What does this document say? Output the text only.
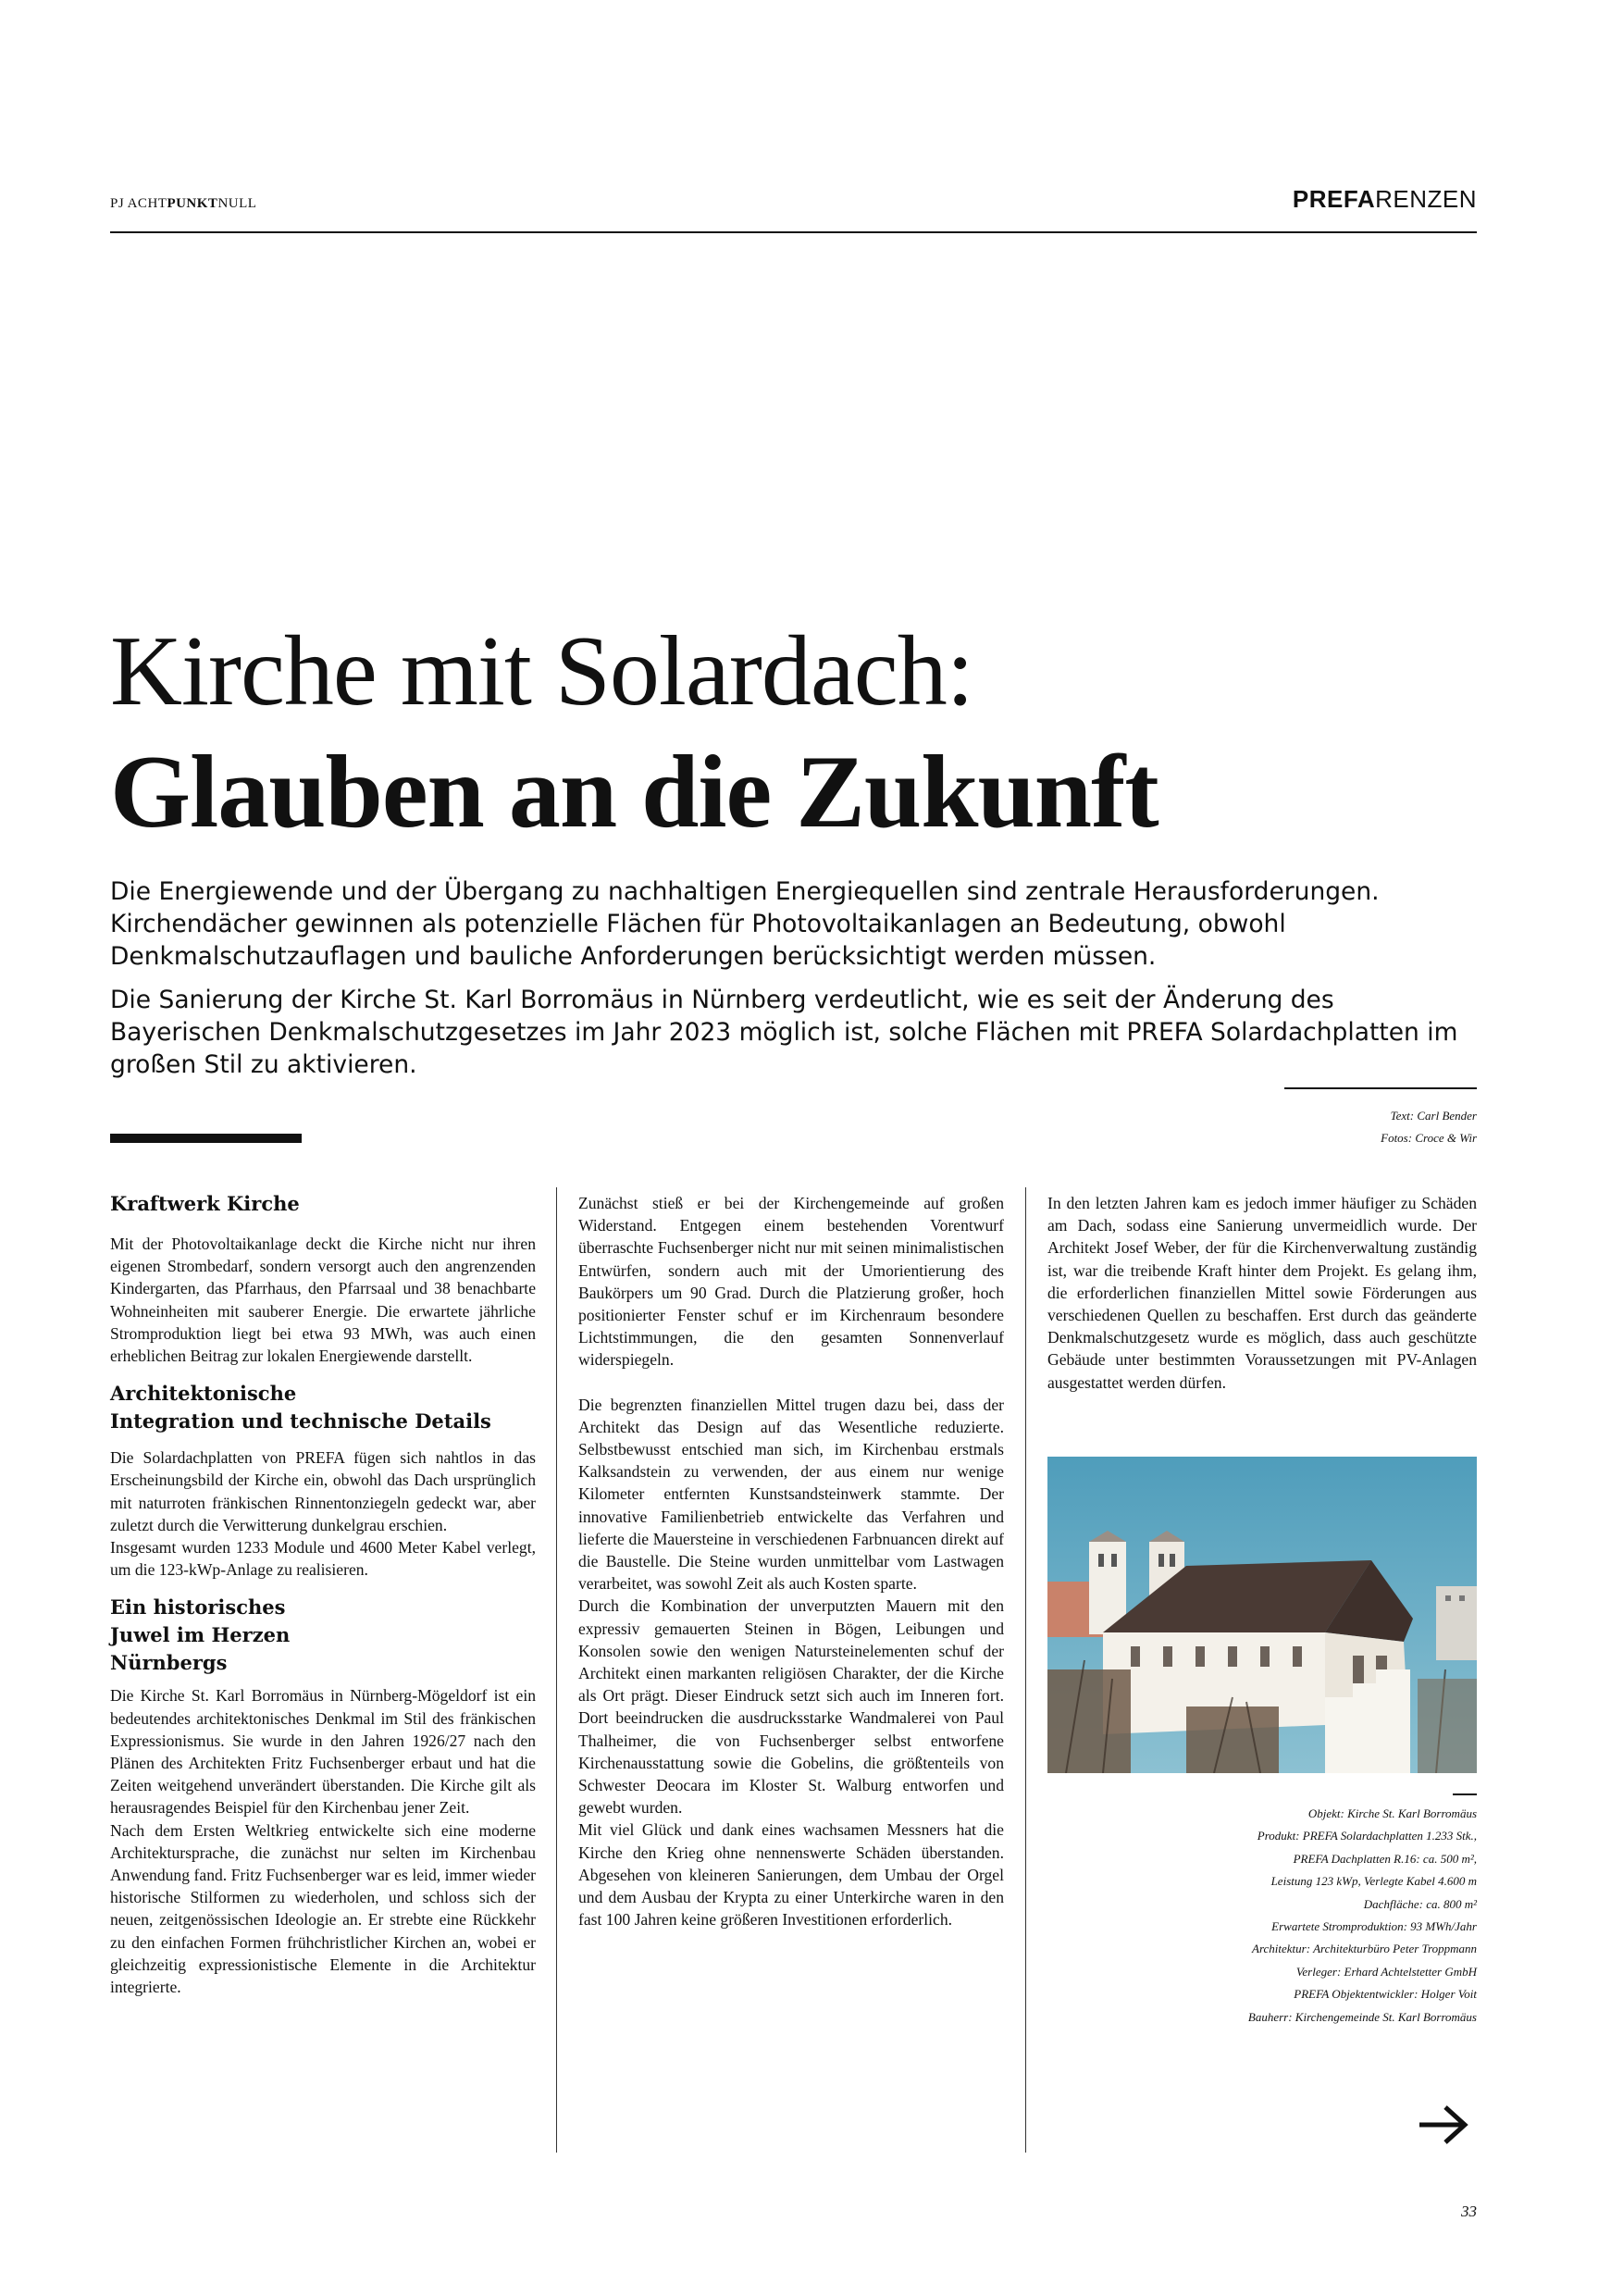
PJ ACHTPUNKTNULL	PREFARENZEN
Kirche mit Solardach:
Glauben an die Zukunft

Die Energiewende und der Übergang zu nachhaltigen Energiequellen sind zentrale Herausforderungen. Kirchendächer gewinnen als potenzielle Flächen für Photovoltaikanlagen an Bedeutung, obwohl Denkmalschutzauflagen und bauliche Anforderungen berücksichtigt werden müssen.

Die Sanierung der Kirche St. Karl Borromäus in Nürnberg verdeutlicht, wie es seit der Änderung des Bayerischen Denkmalschutzgesetzes im Jahr 2023 möglich ist, solche Flächen mit PREFA Solardachplatten im großen Stil zu aktivieren.

Text: Carl Bender
Fotos: Croce & Wir

Kraftwerk Kirche

Mit der Photovoltaikanlage deckt die Kirche nicht nur ihren eigenen Strombedarf, sondern versorgt auch den angrenzenden Kindergarten, das Pfarrhaus, den Pfarrsaal und 38 benachbarte Wohneinheiten mit sauberer Energie. Die erwartete jährliche Stromproduktion liegt bei etwa 93 MWh, was auch einen erheblichen Beitrag zur lokalen Energiewende darstellt.

Architektonische

Integration und technische Details

Die Solardachplatten von PREFA fügen sich nahtlos in das Erscheinungsbild der Kirche ein, obwohl das Dach ursprünglich mit naturroten fränkischen Rinnentonziegeln gedeckt war, aber zuletzt durch die Verwitterung dunkelgrau erschien.

Insgesamt wurden 1233 Module und 4600 Meter Kabel verlegt, um die 123-kWp-Anlage zu realisieren.

Ein historisches

Juwel im Herzen

Nürnbergs

Die Kirche St. Karl Borromäus in Nürnberg-Mögeldorf ist ein bedeutendes architektonisches Denkmal im Stil des fränkischen Expressionismus. Sie wurde in den Jahren 1926/27 nach den Plänen des Architekten Fritz Fuchsenberger erbaut und hat die Zeiten weitgehend unverändert überstanden. Die Kirche gilt als herausragendes Beispiel für den Kirchenbau jener Zeit.

Nach dem Ersten Weltkrieg entwickelte sich eine moderne Architektursprache, die zunächst nur selten im Kirchenbau Anwendung fand. Fritz Fuchsenberger war es leid, immer wieder historische Stilformen zu wiederholen, und schloss sich der neuen, zeitgenössischen Ideologie an. Er strebte eine Rückkehr zu den einfachen Formen frühchristlicher Kirchen an, wobei er gleichzeitig expressionistische Elemente in die Architektur integrierte.

Zunächst stieß er bei der Kirchengemeinde auf großen Widerstand. Entgegen einem bestehenden Vorentwurf überraschte Fuchsenberger nicht nur mit seinen minimalistischen Entwürfen, sondern auch mit der Umorientierung des Baukörpers um 90 Grad. Durch die Platzierung großer, hoch positionierter Fenster schuf er im Kirchenraum besondere Lichtstimmungen, die den gesamten Sonnenverlauf widerspiegeln.

Die begrenzten finanziellen Mittel trugen dazu bei, dass der Architekt das Design auf das Wesentliche reduzierte. Selbstbewusst entschied man sich, im Kirchenbau erstmals Kalksandstein zu verwenden, der aus einem nur wenige Kilometer entfernten Kunstsandsteinwerk stammte. Der innovative Familienbetrieb entwickelte das Verfahren und lieferte die Mauersteine in verschiedenen Farbnuancen direkt auf die Baustelle. Die Steine wurden unmittelbar vom Lastwagen verarbeitet, was sowohl Zeit als auch Kosten sparte.

Durch die Kombination der unverputzten Mauern mit den expressiv gemauerten Steinen in Bögen, Leibungen und Konsolen sowie den wenigen Natursteinelementen schuf der Architekt einen markanten religiösen Charakter, der die Kirche als Ort prägt. Dieser Eindruck setzt sich auch im Inneren fort. Dort beeindrucken die ausdrucksstarke Wandmalerei von Paul Thalheimer, die von Fuchsenberger selbst entworfene Kirchenausstattung sowie die Gobelins, die größtenteils von Schwester Deocara im Kloster St. Walburg entworfen und gewebt wurden.

Mit viel Glück und dank eines wachsamen Messners hat die Kirche den Krieg ohne nennenswerte Schäden überstanden. Abgesehen von kleineren Sanierungen, dem Umbau der Orgel und dem Ausbau der Krypta zu einer Unterkirche waren in den fast 100 Jahren keine größeren Investitionen erforderlich.

In den letzten Jahren kam es jedoch immer häufiger zu Schäden am Dach, sodass eine Sanierung unvermeidlich wurde. Der Architekt Josef Weber, der für die Kirchenverwaltung zuständig ist, war die treibende Kraft hinter dem Projekt. Es gelang ihm, die erforderlichen finanziellen Mittel sowie Förderungen aus verschiedenen Quellen zu beschaffen. Erst durch das geänderte Denkmalschutzgesetz wurde es möglich, dass auch geschützte Gebäude unter bestimmten Voraussetzungen mit PV-Anlagen ausgestattet werden dürfen.

Objekt: Kirche St. Karl Borromäus
Produkt: PREFA Solardachplatten 1.233 Stk.,
PREFA Dachplatten R.16: ca. 500 m²,
Leistung 123 kWp, Verlegte Kabel 4.600 m
Dachfläche: ca. 800 m²
Erwartete Stromproduktion: 93 MWh/Jahr
Architektur: Architekturbüro Peter Troppmann
Verleger: Erhard Achtelstetter GmbH
PREFA Objektentwickler: Holger Voit
Bauherr: Kirchengemeinde St. Karl Borromäus
33
